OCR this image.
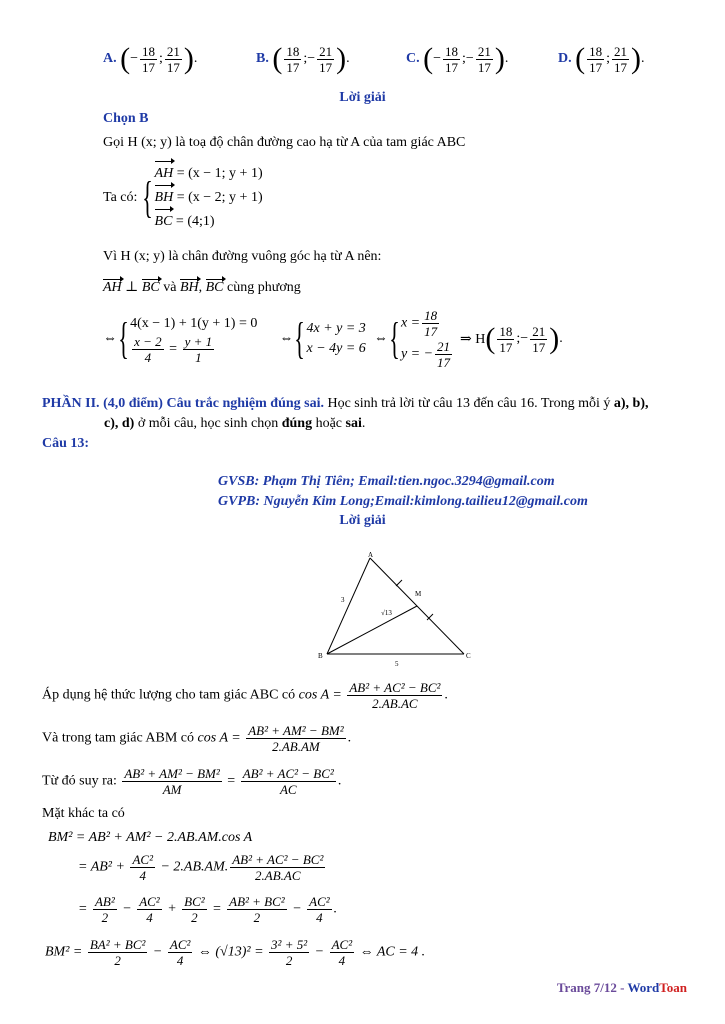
A. (− $\frac{18}{17}$ ; $\frac{21}{17}$ ).	B. ( $\frac{18}{17}$ ;− $\frac{21}{17}$ ).	C. (− $\frac{18}{17}$ ;− $\frac{21}{17}$ ).	D. ( $\frac{18}{17}$ ; $\frac{21}{17}$ ).
Lời giải
Chọn B
Gọi H (x; y) là toạ độ chân đường cao hạ từ A của tam giác ABC
Ta có: { AH = (x − 1; y + 1)
BH = (x − 2; y + 1)
BC = (4;1)
Vì H (x; y) là chân đường vuông góc hạ từ A nên:
AH ⊥ BC và BH, BC cùng phương
⇔ { 4(x − 1) + 1(y + 1) = 0
$\frac{x - 2}{4} = \frac{y + 1}{1}$	⇔ { 4x + y = 3
x − 4y = 6
⇔ { $x = \frac{18}{17}$
y = − $\frac{21}{17}$ ⇒ H ( $\frac{18}{17}$ ;− $\frac{21}{17}$ ) .
PHẦN II. (4,0 điểm) Câu trắc nghiệm đúng sai. Học sinh trả lời từ câu 13 đến câu 16. Trong mỗi ý a), b),
c), d) ở mỗi câu, học sinh chọn đúng hoặc sai.
Câu 13:
GVSB: Phạm Thị Tiên; Email:tien.ngoc.3294@gmail.com
GVPB: Nguyễn Kim Long;Email:kimlong.tailieu12@gmail.com
Lời giải
A
B	C
M
3
5
√13
Áp dụng hệ thức lượng cho tam giác ABC có $\cos A = \frac{\text{AB² + AC² − BC²}}{2.AB.AC}$ .
Và trong tam giác ABM có $\cos A = \frac{\text{AB² + AM² − BM²}}{2.AB.AM}$ .
Từ đó suy ra: $\frac{\text{AB² + AM² − BM²}}{AM} = \frac{\text{AB² + AC² − BC²}}{AC}$ .
Mặt khác ta có
BM² = AB² + AM² − 2.AB.AM.cos A
= $AB^2 + \frac{\text{AC²}}{4} - 2.AB.AM$. $\frac{\text{AB² + AC² − BC²}}{2.AB.AC}$
= $\frac{\text{AB²}}{2} - \frac{\text{AC²}}{4} + \frac{\text{BC²}}{2} = \frac{\text{AB² + BC²}}{2} - \frac{\text{AC²}}{4}$ .
$BM^2 = \frac{\text{BA² + BC²}}{2} - \frac{\text{AC²}}{4}$ ⇔ $(√13)^2 = \frac{\text{3² + 5²}}{2} - \frac{\text{AC²}}{4}$ ⇔ AC = 4 .
Trang 7/12 - WordToan
